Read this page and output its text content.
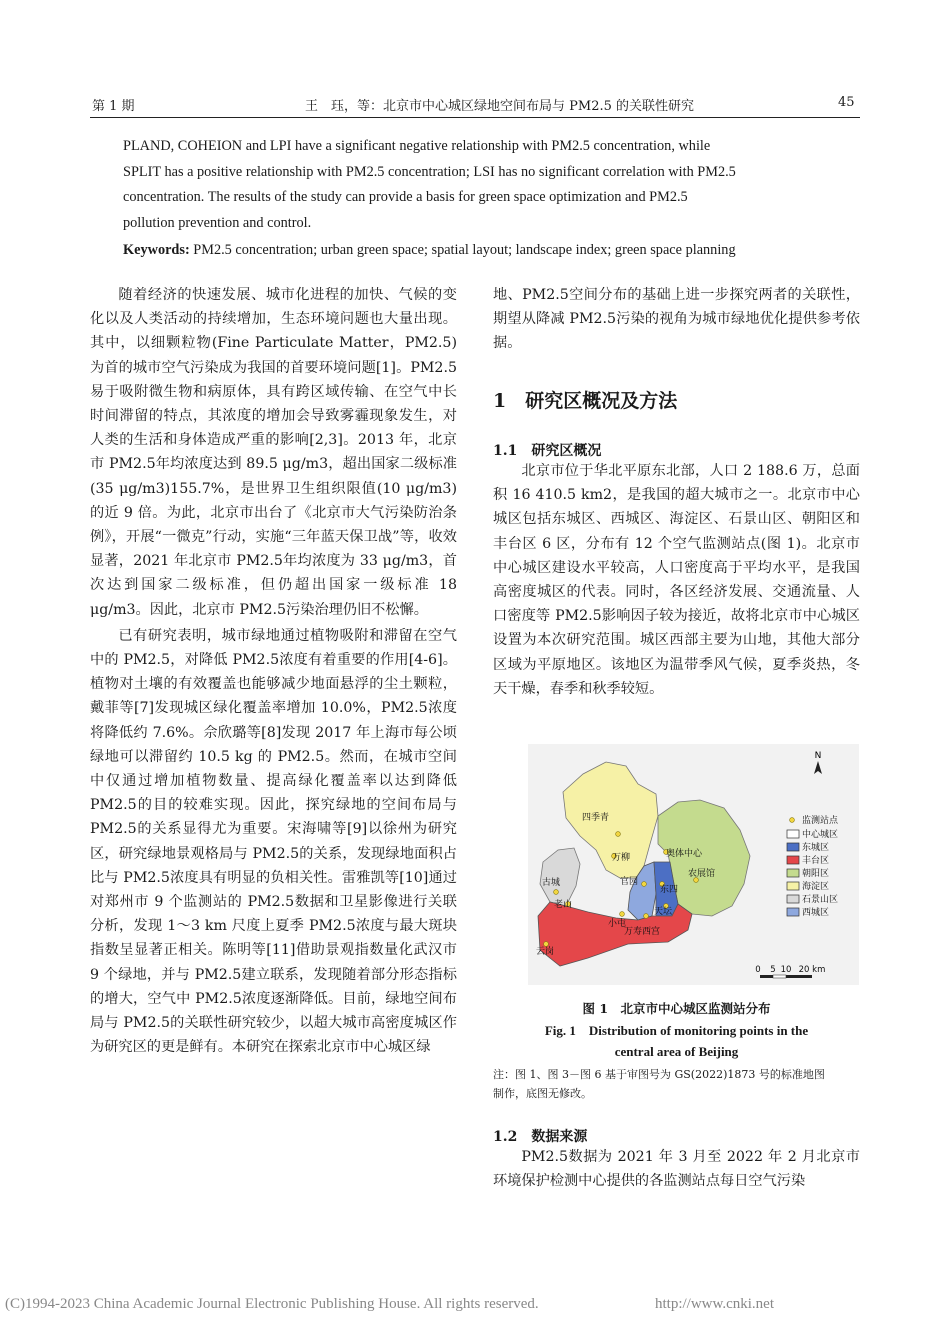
第 1 期	王　珏，等：北京市中心城区绿地空间布局与 PM2.5 的关联性研究	45

PLAND, COHEION and LPI have a significant negative relationship with PM2.5 concentration, while

SPLIT has a positive relationship with PM2.5 concentration; LSI has no significant correlation with PM2.5

concentration. The results of the study can provide a basis for green space optimization and PM2.5

pollution prevention and control.

Keywords: PM2.5 concentration; urban green space; spatial layout; landscape index; green space planning

随着经济的快速发展、城市化进程的加快、气候的变化以及人类活动的持续增加，生态环境问题也大量出现。其中，以细颗粒物(Fine Particulate Matter，PM2.5)为首的城市空气污染成为我国的首要环境问题[1]。PM2.5易于吸附微生物和病原体，具有跨区域传输、在空气中长时间滞留的特点，其浓度的增加会导致雾霾现象发生，对人类的生活和身体造成严重的影响[2,3]。2013 年，北京市 PM2.5年均浓度达到 89.5 μg/m3，超出国家二级标准(35 μg/m3)155.7%，是世界卫生组织限值(10 μg/m3)的近 9 倍。为此，北京市出台了《北京市大气污染防治条例》，开展“一微克”行动，实施“三年蓝天保卫战”等，收效显著，2021 年北京市 PM2.5年均浓度为 33 μg/m3，首次达到国家二级标准，但仍超出国家一级标准 18 μg/m3。因此，北京市 PM2.5污染治理仍旧不松懈。

已有研究表明，城市绿地通过植物吸附和滞留在空气中的 PM2.5，对降低 PM2.5浓度有着重要的作用[4-6]。植物对土壤的有效覆盖也能够减少地面悬浮的尘土颗粒，戴菲等[7]发现城区绿化覆盖率增加 10.0%，PM2.5浓度将降低约 7.6%。佘欣璐等[8]发现 2017 年上海市每公顷绿地可以滞留约 10.5 kg 的 PM2.5。然而，在城市空间中仅通过增加植物数量、提高绿化覆盖率以达到降低 PM2.5的目的较难实现。因此，探究绿地的空间布局与 PM2.5的关系显得尤为重要。宋海啸等[9]以徐州为研究区，研究绿地景观格局与 PM2.5的关系，发现绿地面积占比与 PM2.5浓度具有明显的负相关性。雷雅凯等[10]通过对郑州市 9 个监测站的 PM2.5数据和卫星影像进行关联分析，发现 1～3 km 尺度上夏季 PM2.5浓度与最大斑块指数呈显著正相关。陈明等[11]借助景观指数量化武汉市 9 个绿地，并与 PM2.5建立联系，发现随着部分形态指标的增大，空气中 PM2.5浓度逐渐降低。目前，绿地空间布局与 PM2.5的关联性研究较少，以超大城市高密度城区作为研究区的更是鲜有。本研究在探索北京市中心城区绿

地、PM2.5空间分布的基础上进一步探究两者的关联性，期望从降减 PM2.5污染的视角为城市绿地优化提供参考依据。

1　研究区概况及方法
1.1　研究区概况

北京市位于华北平原东北部，人口 2 188.6 万，总面积 16 410.5 km2，是我国的超大城市之一。北京市中心城区包括东城区、西城区、海淀区、石景山区、朝阳区和丰台区 6 区，分布有 12 个空气监测站点(图 1)。北京市中心城区建设水平较高，人口密度高于平均水平，是我国高密度城区的代表。同时，各区经济发展、交通流量、人口密度等 PM2.5影响因子较为接近，故将北京市中心城区设置为本次研究范围。城区西部主要为山地，其他大部分区域为平原地区。该地区为温带季风气候，夏季炎热，冬天干燥，春季和秋季较短。

N
四季青
万柳	奥体中心
古城	官园
东四
农展馆
老山
天坛
万寿西宫
小屯
云岗
监测站点
中心城区
东城区
丰台区
朝阳区
海淀区
石景山区
西城区
0 5 10 20 km
图 1　北京市中心城区监测站分布
Fig. 1　Distribution of monitoring points in the
central area of Beijing
注：图 1、图 3－图 6 基于审图号为 GS(2022)1873 号的标准地图制作，底图无修改。
1.2　数据来源

PM2.5数据为 2021 年 3 月至 2022 年 2 月北京市环境保护检测中心提供的各监测站点每日空气污染

(C)1994-2023 China Academic Journal Electronic Publishing House. All rights reserved.	http://www.cnki.net
